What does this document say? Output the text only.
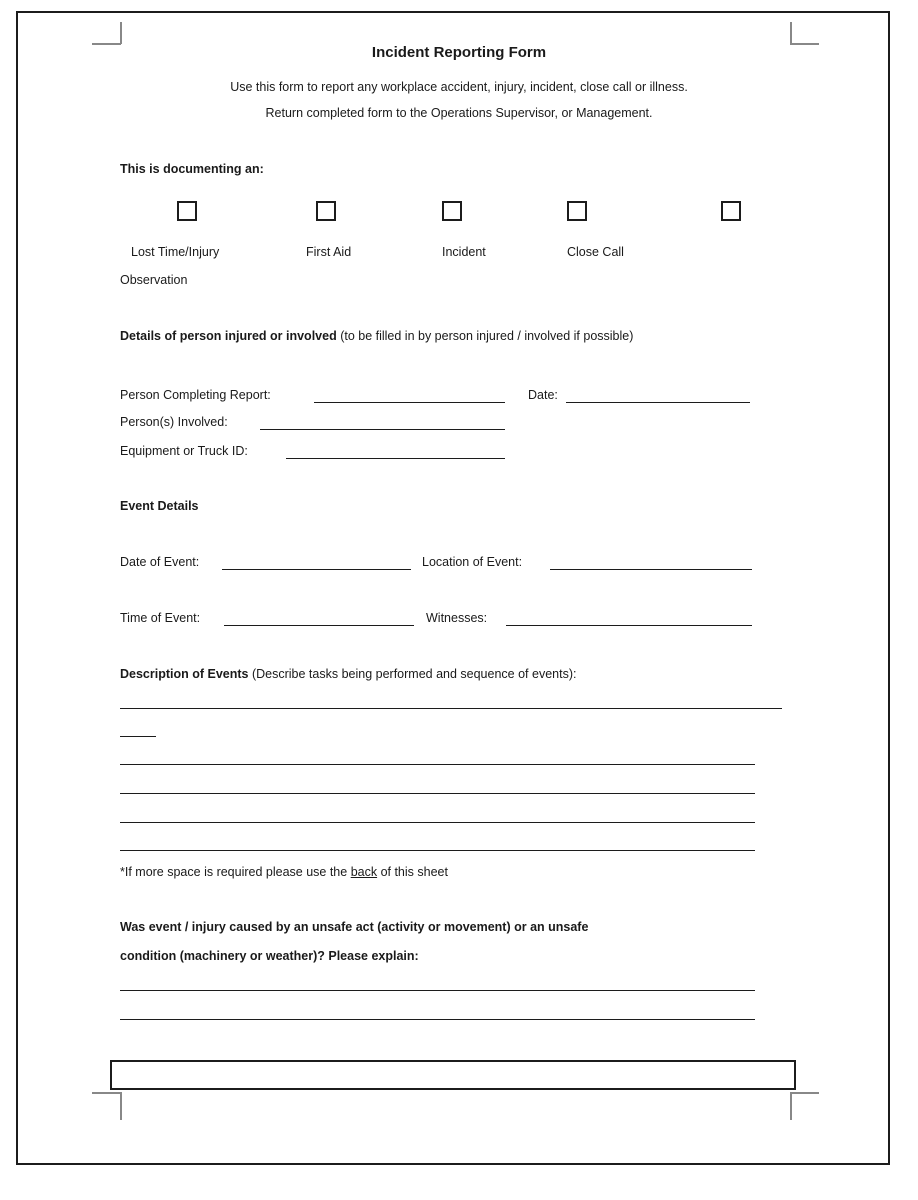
Incident Reporting Form
Use this form to report any workplace accident, injury, incident, close call or illness.
Return completed form to the Operations Supervisor, or Management.
This is documenting an:
Lost Time/Injury	First Aid	Incident	Close Call
Observation
Details of person injured or involved (to be filled in by person injured / involved if possible)
Person Completing Report:	Date:
Person(s) Involved:
Equipment or Truck ID:
Event Details
Date of Event:	Location of Event:
Time of Event:	Witnesses:
Description of Events (Describe tasks being performed and sequence of events):
*If more space is required please use the back of this sheet
Was event / injury caused by an unsafe act (activity or movement) or an unsafe
condition (machinery or weather)? Please explain:
